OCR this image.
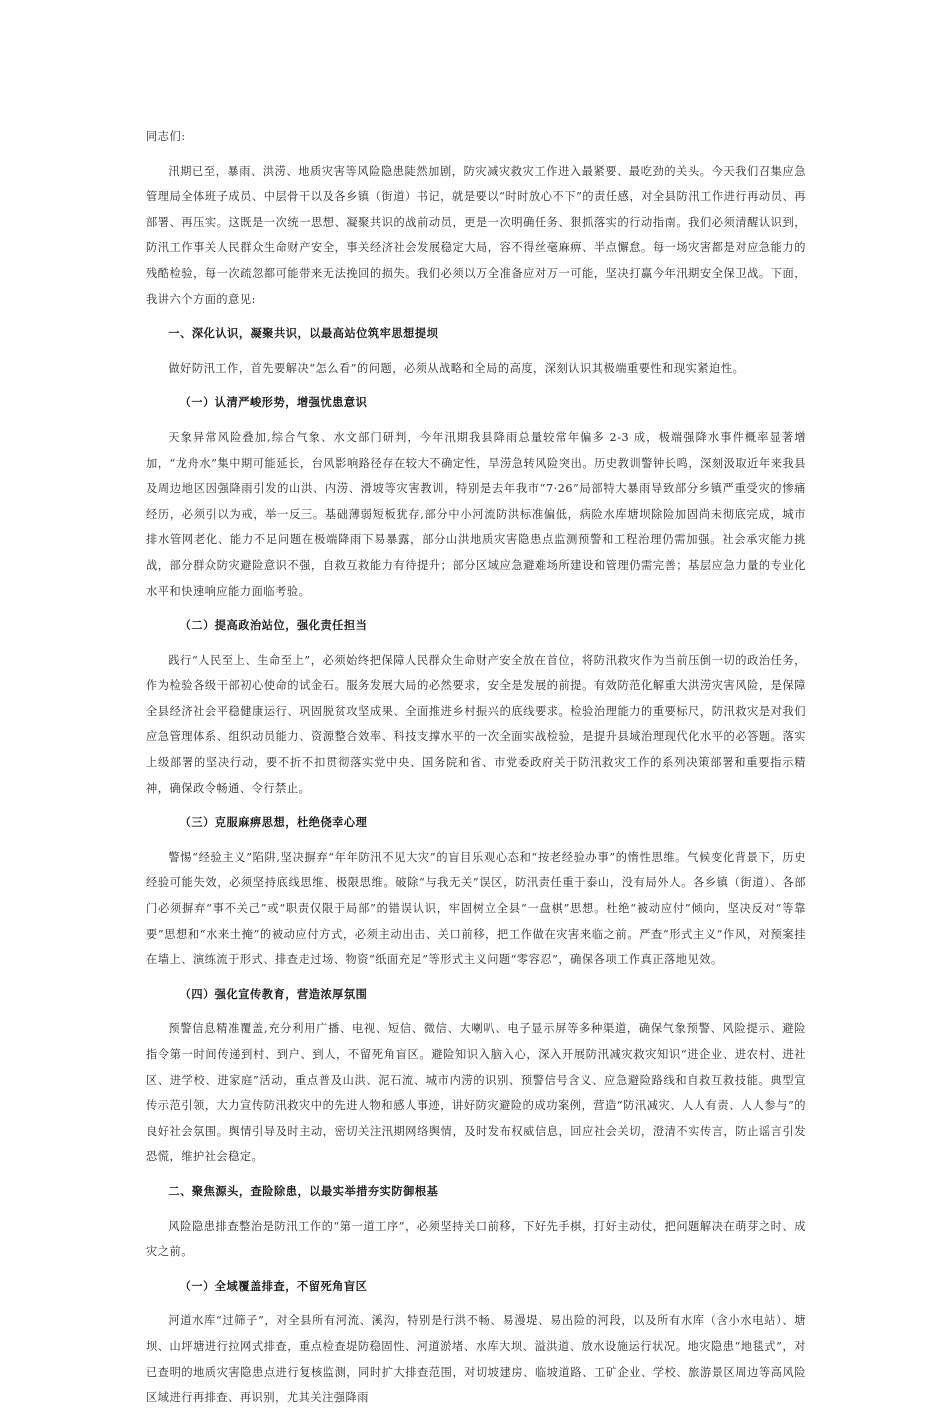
同志们:

汛期已至，暴雨、洪涝、地质灾害等风险隐患陡然加剧，防灾减灾救灾工作进入最紧要、最吃劲的关头。今天我们召集应急管理局全体班子成员、中层骨干以及各乡镇（街道）书记，就是要以“时时放心不下”的责任感，对全县防汛工作进行再动员、再部署、再压实。这既是一次统一思想、凝聚共识的战前动员，更是一次明确任务、狠抓落实的行动指南。我们必须清醒认识到，防汛工作事关人民群众生命财产安全，事关经济社会发展稳定大局，容不得丝毫麻痹、半点懈怠。每一场灾害都是对应急能力的残酷检验，每一次疏忽都可能带来无法挽回的损失。我们必须以万全准备应对万一可能，坚决打赢今年汛期安全保卫战。下面，我讲六个方面的意见:

一、深化认识，凝聚共识，以最高站位筑牢思想提坝

做好防汛工作，首先要解决“怎么看”的问题，必须从战略和全局的高度，深刻认识其极端重要性和现实紧迫性。

（一）认清严峻形势，增强忧患意识

天象异常风险叠加,综合气象、水文部门研判，今年汛期我县降雨总量较常年偏多 2-3 成，极端强降水事件概率显著增加，“龙舟水”集中期可能延长，台风影响路径存在较大不确定性，旱涝急转风险突出。历史教训警钟长鸣，深刻汲取近年来我县及周边地区因强降雨引发的山洪、内涝、滑坡等灾害教训，特别是去年我市“7·26”局部特大暴雨导致部分乡镇严重受灾的惨痛经历，必须引以为戒，举一反三。基础薄弱短板犹存,部分中小河流防洪标准偏低，病险水库塘坝除险加固尚未彻底完成，城市排水管网老化、能力不足问题在极端降雨下易暴露，部分山洪地质灾害隐患点监测预警和工程治理仍需加强。社会承灾能力挑战，部分群众防灾避险意识不强，自救互救能力有待提升；部分区域应急避难场所建设和管理仍需完善；基层应急力量的专业化水平和快速响应能力面临考验。

（二）提高政治站位，强化责任担当

践行“人民至上、生命至上”，必须始终把保障人民群众生命财产安全放在首位，将防汛救灾作为当前压倒一切的政治任务，作为检验各级干部初心使命的试金石。服务发展大局的必然要求，安全是发展的前提。有效防范化解重大洪涝灾害风险，是保障全县经济社会平稳健康运行、巩固脱贫攻坚成果、全面推进乡村振兴的底线要求。检验治理能力的重要标尺，防汛救灾是对我们应急管理体系、组织动员能力、资源整合效率、科技支撑水平的一次全面实战检验，是提升县域治理现代化水平的必答题。落实上级部署的坚决行动，要不折不扣贯彻落实党中央、国务院和省、市党委政府关于防汛救灾工作的系列决策部署和重要指示精神，确保政令畅通、令行禁止。

（三）克服麻痹思想，杜绝侥幸心理

警惕“经验主义”陷阱,坚决摒弃“年年防汛不见大灾”的盲目乐观心态和“按老经验办事”的惰性思维。气候变化背景下，历史经验可能失效，必须坚持底线思维、极限思维。破除“与我无关”误区，防汛责任重于泰山，没有局外人。各乡镇（街道）、各部门必须摒弃“事不关己”或“职责仅限于局部”的错误认识，牢固树立全县“一盘棋”思想。杜绝“被动应付”倾向，坚决反对“等靠要”思想和“水来土掩”的被动应付方式，必须主动出击、关口前移，把工作做在灾害来临之前。严查“形式主义”作风，对预案挂在墙上、演练流于形式、排查走过场、物资“纸面充足”等形式主义问题“零容忍”，确保各项工作真正落地见效。

（四）强化宣传教育，营造浓厚氛围

预警信息精准覆盖,充分利用广播、电视、短信、微信、大喇叭、电子显示屏等多种渠道，确保气象预警、风险提示、避险指令第一时间传递到村、到户、到人，不留死角盲区。避险知识入脑入心，深入开展防汛减灾救灾知识“进企业、进农村、进社区、进学校、进家庭”活动，重点普及山洪、泥石流、城市内涝的识别、预警信号含义、应急避险路线和自救互救技能。典型宣传示范引领，大力宣传防汛救灾中的先进人物和感人事迹，讲好防灾避险的成功案例，营造“防汛减灾、人人有责、人人参与”的良好社会氛围。舆情引导及时主动，密切关注汛期网络舆情，及时发布权威信息，回应社会关切，澄清不实传言，防止谣言引发恐慌，维护社会稳定。

二、聚焦源头，查险除患，以最实举措夯实防御根基

风险隐患排查整治是防汛工作的“第一道工序”，必须坚持关口前移，下好先手棋，打好主动仗，把问题解决在萌芽之时、成灾之前。

（一）全域覆盖排查，不留死角盲区

河道水库“过筛子”，对全县所有河流、溪沟，特别是行洪不畅、易漫堤、易出险的河段，以及所有水库（含小水电站）、塘坝、山坪塘进行拉网式排查，重点检查堤防稳固性、河道淤堵、水库大坝、溢洪道、放水设施运行状况。地灾隐患“地毯式”，对已查明的地质灾害隐患点进行复核监测，同时扩大排查范围，对切坡建房、临坡道路、工矿企业、学校、旅游景区周边等高风险区域进行再排查、再识别，尤其关注强降雨
